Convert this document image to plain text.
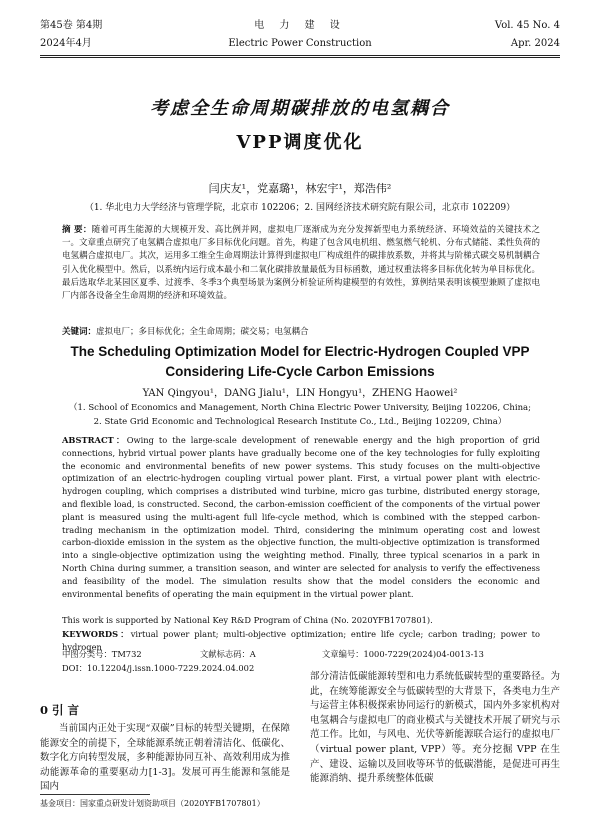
第45卷 第4期
2024年4月
电 力 建 设
Electric Power Construction
Vol. 45 No. 4
Apr. 2024
考虑全生命周期碳排放的电氢耦合
VPP调度优化
闫庆友¹，党嘉璐¹，林宏宇¹，郑浩伟²
（1. 华北电力大学经济与管理学院，北京市 102206；2. 国网经济技术研究院有限公司，北京市 102209）
摘 要：随着可再生能源的大规模开发、高比例并网，虚拟电厂逐渐成为充分发挥新型电力系统经济、环境效益的关键技术之一。文章重点研究了电氢耦合虚拟电厂多目标优化问题。首先，构建了包含风电机组、燃氢燃气轮机、分布式储能、柔性负荷的电氢耦合虚拟电厂。其次，运用多工维全生命周期法计算得到虚拟电厂构成组件的碳排放系数，并将其与阶梯式碳交易机制耦合引入优化模型中。然后，以系统内运行成本最小和二氧化碳排放量最低为目标函数，通过权重法将多目标优化转为单目标优化。最后选取华北某园区夏季、过渡季、冬季3个典型场景为案例分析验证所构建模型的有效性，算例结果表明该模型兼顾了虚拟电厂内部各设备全生命周期的经济和环境效益。
关键词：虚拟电厂；多目标优化；全生命周期；碳交易；电氢耦合
The Scheduling Optimization Model for Electric-Hydrogen Coupled VPP
Considering Life-Cycle Carbon Emissions
YAN Qingyou¹，DANG Jialu¹，LIN Hongyu¹，ZHENG Haowei²
（1. School of Economics and Management, North China Electric Power University, Beijing 102206, China;
2. State Grid Economic and Technological Research Institute Co., Ltd., Beijing 102209, China）
ABSTRACT：Owing to the large-scale development of renewable energy and the high proportion of grid connections, hybrid virtual power plants have gradually become one of the key technologies for fully exploiting the economic and environmental benefits of new power systems. This study focuses on the multi-objective optimization of an electric-hydrogen coupling virtual power plant. First, a virtual power plant with electric-hydrogen coupling, which comprises a distributed wind turbine, micro gas turbine, distributed energy storage, and flexible load, is constructed. Second, the carbon-emission coefficient of the components of the virtual power plant is measured using the multi-agent full life-cycle method, which is combined with the stepped carbon-trading mechanism in the optimization model. Third, considering the minimum operating cost and lowest carbon-dioxide emission in the system as the objective function, the multi-objective optimization is transformed into a single-objective optimization using the weighting method. Finally, three typical scenarios in a park in North China during summer, a transition season, and winter are selected for analysis to verify the effectiveness and feasibility of the model. The simulation results show that the model considers the economic and environmental benefits of operating the main equipment in the virtual power plant.
This work is supported by National Key R&D Program of China (No. 2020YFB1707801).
KEYWORDS：virtual power plant; multi-objective optimization; entire life cycle; carbon trading; power to hydrogen
中图分类号：TM732	文献标志码：A	文章编号：1000-7229(2024)04-0013-13
DOI：10.12204/j.issn.1000-7229.2024.04.002
0 引 言
当前国内正处于实现“双碳”目标的转型关键期，在保障能源安全的前提下，全球能源系统正朝着清洁化、低碳化、数字化方向转型发展，多种能源协同互补、高效利用成为推动能源革命的重要驱动力[1-3]。发展可再生能源和氢能是国内
部分清洁低碳能源转型和电力系统低碳转型的重要路径。为此，在统筹能源安全与低碳转型的大背景下，各类电力生产与运营主体积极探索协同运行的新模式，国内外多家机构对电氢耦合与虚拟电厂的商业模式与关键技术开展了研究与示范工作。比如，与风电、光伏等新能源联合运行的虚拟电厂（virtual power plant, VPP）等。充分挖掘 VPP 在生产、建设、运输以及回收等环节的低碳潜能，是促进可再生能源消纳、提升系统整体低碳
基金项目：国家重点研发计划资助项目（2020YFB1707801）
